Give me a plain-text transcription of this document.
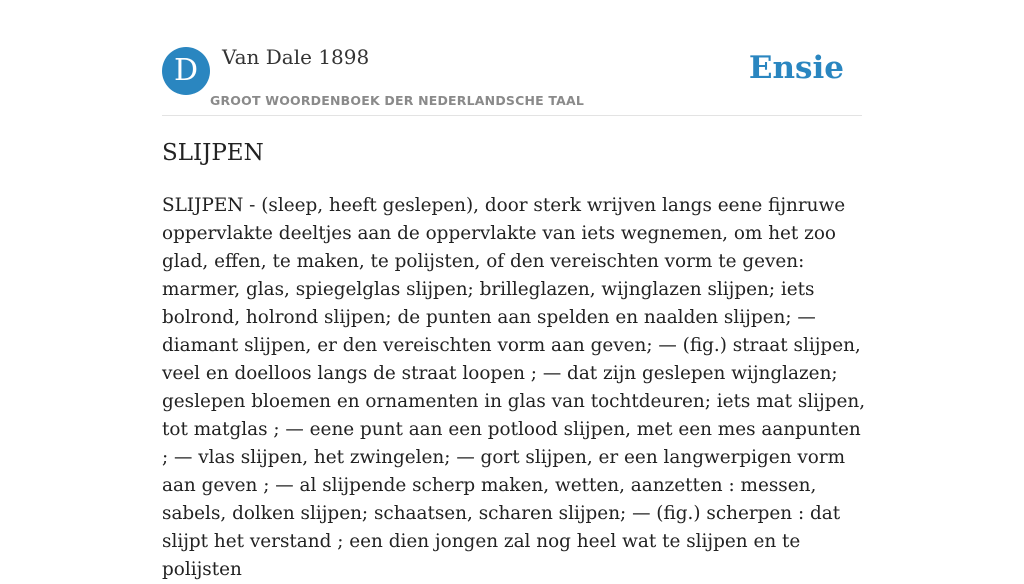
D	Van Dale 1898
GROOT WOORDENBOEK DER NEDERLANDSCHE TAAL
Ensie
SLIJPEN

SLIJPEN - (sleep, heeft geslepen), door sterk wrijven langs eene fijnruwe oppervlakte deeltjes aan de oppervlakte van iets wegnemen, om het zoo glad, effen, te maken, te polijsten, of den vereischten vorm te geven: marmer, glas, spiegelglas slijpen; brilleglazen, wijnglazen slijpen; iets bolrond, holrond slijpen; de punten aan spelden en naalden slijpen; — diamant slijpen, er den vereischten vorm aan geven; — (fig.) straat slijpen, veel en doelloos langs de straat loopen ; — dat zijn geslepen wijnglazen; geslepen bloemen en ornamenten in glas van tochtdeuren; iets mat slijpen, tot matglas ; — eene punt aan een potlood slijpen, met een mes aanpunten ; — vlas slijpen, het zwingelen; — gort slijpen, er een langwerpigen vorm aan geven ; — al slijpende scherp maken, wetten, aanzetten : messen, sabels, dolken slijpen; schaatsen, scharen slijpen; — (fig.) scherpen : dat slijpt het verstand ; een dien jongen zal nog heel wat te slijpen en te polijsten
